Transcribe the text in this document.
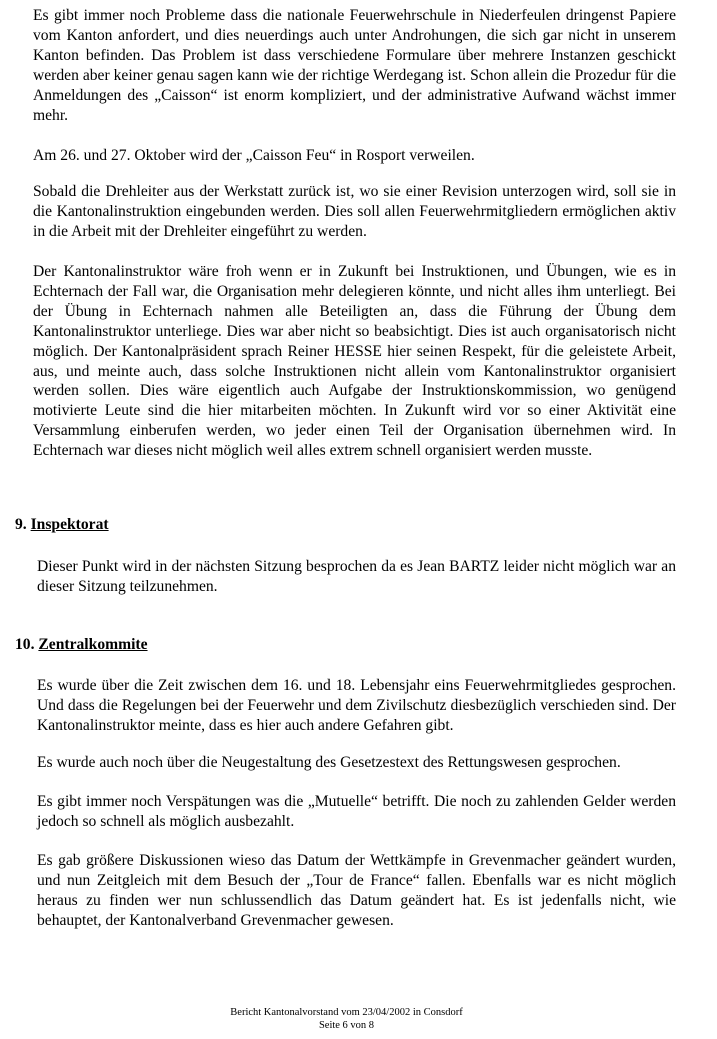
Es gibt immer noch Probleme dass die nationale Feuerwehrschule in Niederfeulen dringenst Papiere vom Kanton anfordert, und dies neuerdings auch unter Androhungen, die sich gar nicht in unserem Kanton befinden. Das Problem ist dass verschiedene Formulare über mehrere Instanzen geschickt werden aber keiner genau sagen kann wie der richtige Werdegang ist. Schon allein die Prozedur für die Anmeldungen des „Caisson“ ist enorm kompliziert, und der administrative Aufwand wächst immer mehr.

Am 26. und 27. Oktober wird der „Caisson Feu“ in Rosport verweilen.

Sobald die Drehleiter aus der Werkstatt zurück ist, wo sie einer Revision unterzogen wird, soll sie in die Kantonalinstruktion eingebunden werden. Dies soll allen Feuerwehrmitgliedern ermöglichen aktiv in die Arbeit mit der Drehleiter eingeführt zu werden.

Der Kantonalinstruktor wäre froh wenn er in Zukunft bei Instruktionen, und Übungen, wie es in Echternach der Fall war, die Organisation mehr delegieren könnte, und nicht alles ihm unterliegt. Bei der Übung in Echternach nahmen alle Beteiligten an, dass die Führung der Übung dem Kantonalinstruktor unterliege. Dies war aber nicht so beabsichtigt. Dies ist auch organisatorisch nicht möglich. Der Kantonalpräsident sprach Reiner HESSE hier seinen Respekt, für die geleistete Arbeit, aus, und meinte auch, dass solche Instruktionen nicht allein vom Kantonalinstruktor organisiert werden sollen. Dies wäre eigentlich auch Aufgabe der Instruktionskommission, wo genügend motivierte Leute sind die hier mitarbeiten möchten. In Zukunft wird vor so einer Aktivität eine Versammlung einberufen werden, wo jeder einen Teil der Organisation übernehmen wird. In Echternach war dieses nicht möglich weil alles extrem schnell organisiert werden musste.

9. Inspektorat

Dieser Punkt wird in der nächsten Sitzung besprochen da es Jean BARTZ leider nicht möglich war an dieser Sitzung teilzunehmen.

10. Zentralkommite

Es wurde über die Zeit zwischen dem 16. und 18. Lebensjahr eins Feuerwehrmitgliedes gesprochen. Und dass die Regelungen bei der Feuerwehr und dem Zivilschutz diesbezüglich verschieden sind. Der Kantonalinstruktor meinte, dass es hier auch andere Gefahren gibt.

Es wurde auch noch über die Neugestaltung des Gesetzestext des Rettungswesen gesprochen.

Es gibt immer noch Verspätungen was die „Mutuelle“ betrifft. Die noch zu zahlenden Gelder werden jedoch so schnell als möglich ausbezahlt.

Es gab größere Diskussionen wieso das Datum der Wettkämpfe in Grevenmacher geändert wurden, und nun Zeitgleich mit dem Besuch der „Tour de France“ fallen. Ebenfalls war es nicht möglich heraus zu finden wer nun schlussendlich das Datum geändert hat. Es ist jedenfalls nicht, wie behauptet, der Kantonalverband Grevenmacher gewesen.

Bericht Kantonalvorstand vom 23/04/2002 in Consdorf
Seite 6 von 8
